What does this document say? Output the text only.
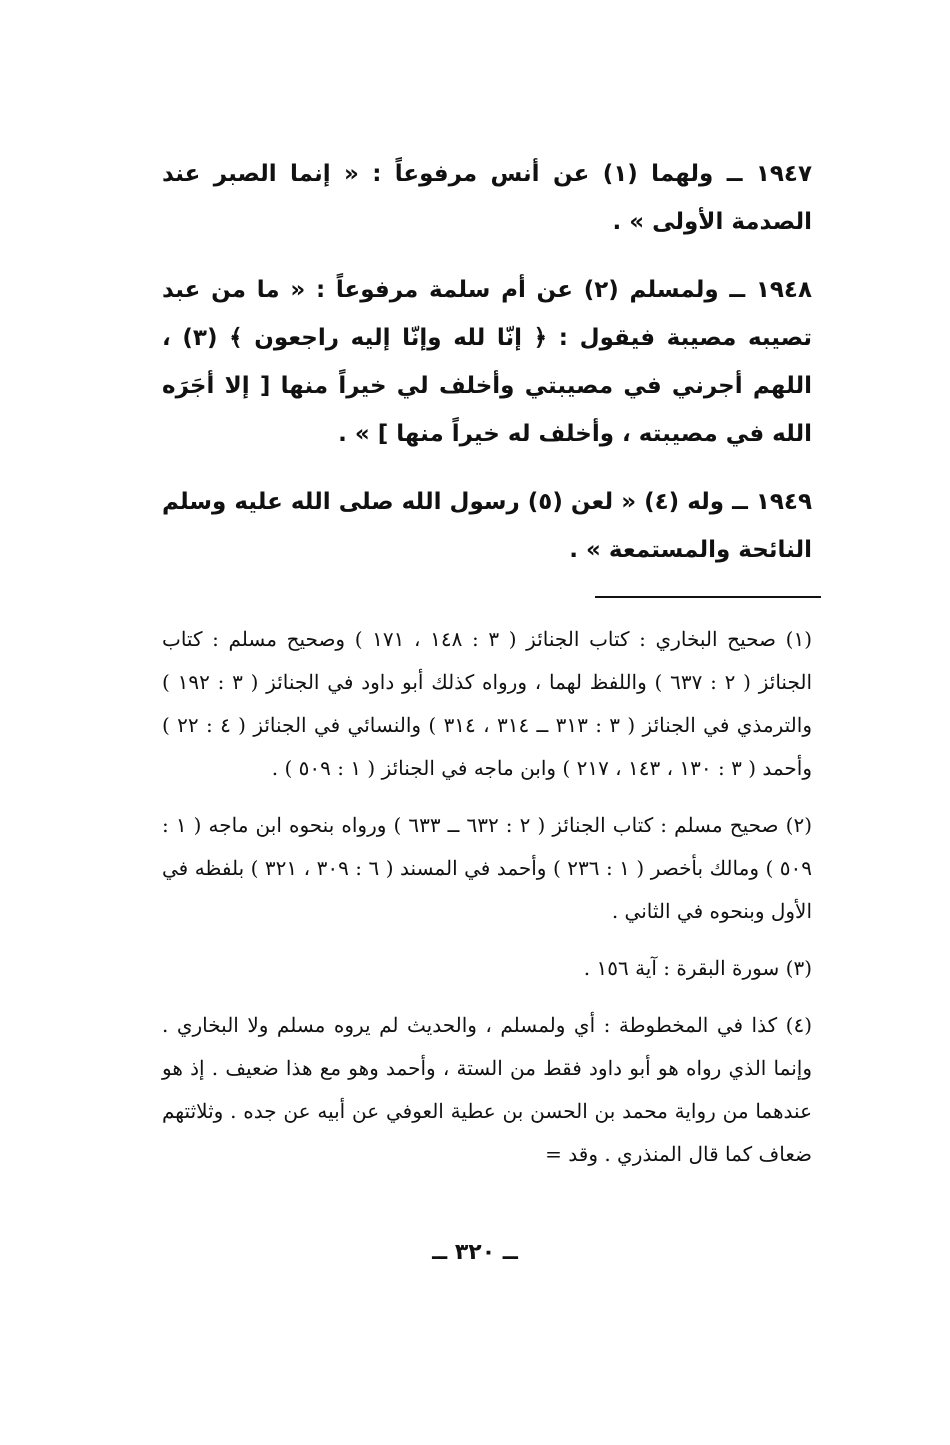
١٩٤٧ ــ ولهما (١) عن أنس مرفوعاً : « إنما الصبر عند الصدمة الأولى » .

١٩٤٨ ــ ولمسلم (٢) عن أم سلمة مرفوعاً : « ما من عبد تصيبه مصيبة فيقول : ﴿ إنّا لله وإنّا إليه راجعون ﴾ (٣) ، اللهم أجرني في مصيبتي وأخلف لي خيراً منها [ إلا أجَرَه الله في مصيبته ، وأخلف له خيراً منها ] » .

١٩٤٩ ــ وله (٤) « لعن (٥) رسول الله صلى الله عليه وسلم النائحة والمستمعة » .

(١) صحيح البخاري : كتاب الجنائز ( ٣ : ١٤٨ ، ١٧١ ) وصحيح مسلم : كتاب الجنائز ( ٢ : ٦٣٧ ) واللفظ لهما ، ورواه كذلك أبو داود في الجنائز ( ٣ : ١٩٢ ) والترمذي في الجنائز ( ٣ : ٣١٣ ــ ٣١٤ ، ٣١٤ ) والنسائي في الجنائز ( ٤ : ٢٢ ) وأحمد ( ٣ : ١٣٠ ، ١٤٣ ، ٢١٧ ) وابن ماجه في الجنائز ( ١ : ٥٠٩ ) .

(٢) صحيح مسلم : كتاب الجنائز ( ٢ : ٦٣٢ ــ ٦٣٣ ) ورواه بنحوه ابن ماجه ( ١ : ٥٠٩ ) ومالك بأخصر ( ١ : ٢٣٦ ) وأحمد في المسند ( ٦ : ٣٠٩ ، ٣٢١ ) بلفظه في الأول وبنحوه في الثاني .

(٣) سورة البقرة : آية ١٥٦ .

(٤) كذا في المخطوطة : أي ولمسلم ، والحديث لم يروه مسلم ولا البخاري . وإنما الذي رواه هو أبو داود فقط من الستة ، وأحمد وهو مع هذا ضعيف . إذ هو عندهما من رواية محمد بن الحسن بن عطية العوفي عن أبيه عن جده . وثلاثتهم ضعاف كما قال المنذري . وقد =

ــ ٣٢٠ ــ
